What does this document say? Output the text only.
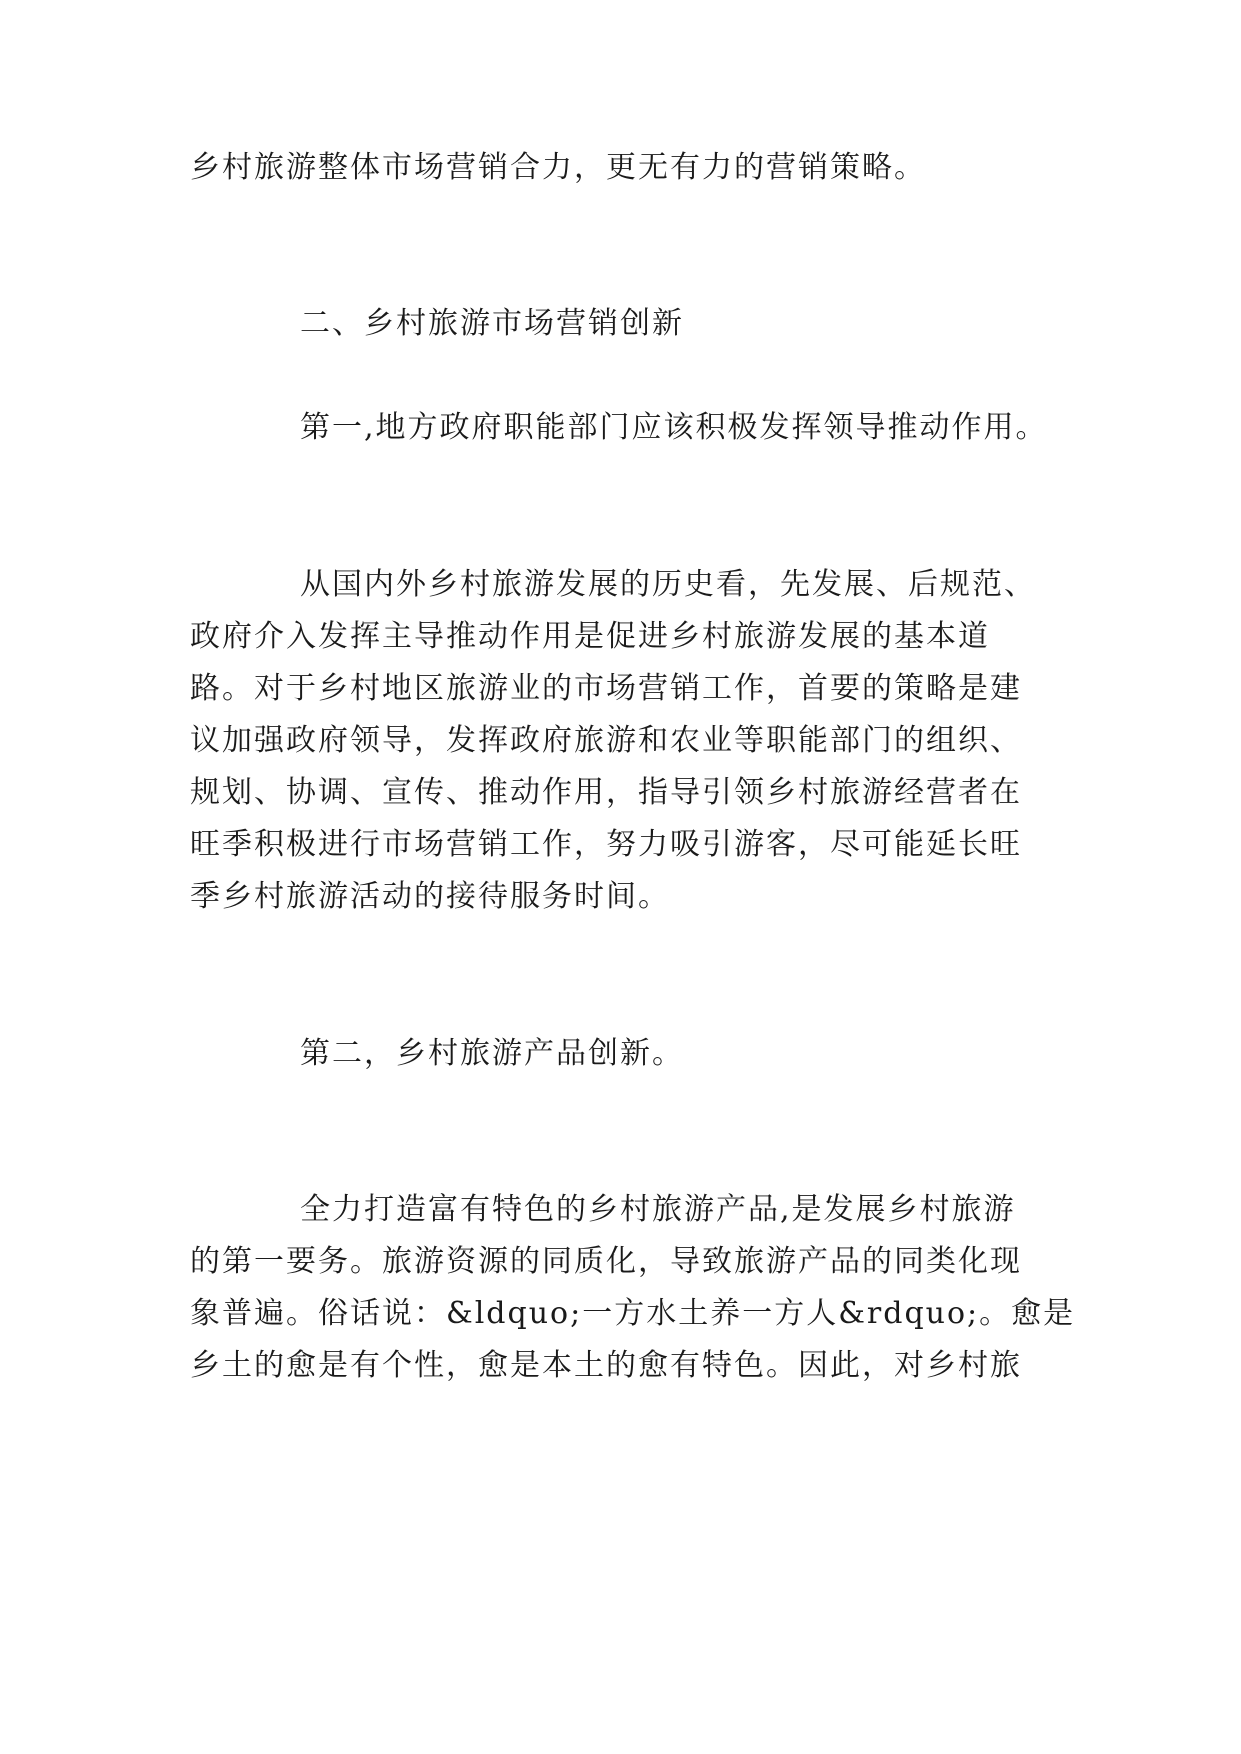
乡村旅游整体市场营销合力，更无有力的营销策略。
二、乡村旅游市场营销创新
第一,地方政府职能部门应该积极发挥领导推动作用。
从国内外乡村旅游发展的历史看，先发展、后规范、
政府介入发挥主导推动作用是促进乡村旅游发展的基本道
路。对于乡村地区旅游业的市场营销工作，首要的策略是建
议加强政府领导，发挥政府旅游和农业等职能部门的组织、
规划、协调、宣传、推动作用，指导引领乡村旅游经营者在
旺季积极进行市场营销工作，努力吸引游客，尽可能延长旺
季乡村旅游活动的接待服务时间。
第二，乡村旅游产品创新。
全力打造富有特色的乡村旅游产品,是发展乡村旅游
的第一要务。旅游资源的同质化，导致旅游产品的同类化现
象普遍。俗话说：&ldquo;一方水土养一方人&rdquo;。愈是
乡土的愈是有个性，愈是本土的愈有特色。因此，对乡村旅
